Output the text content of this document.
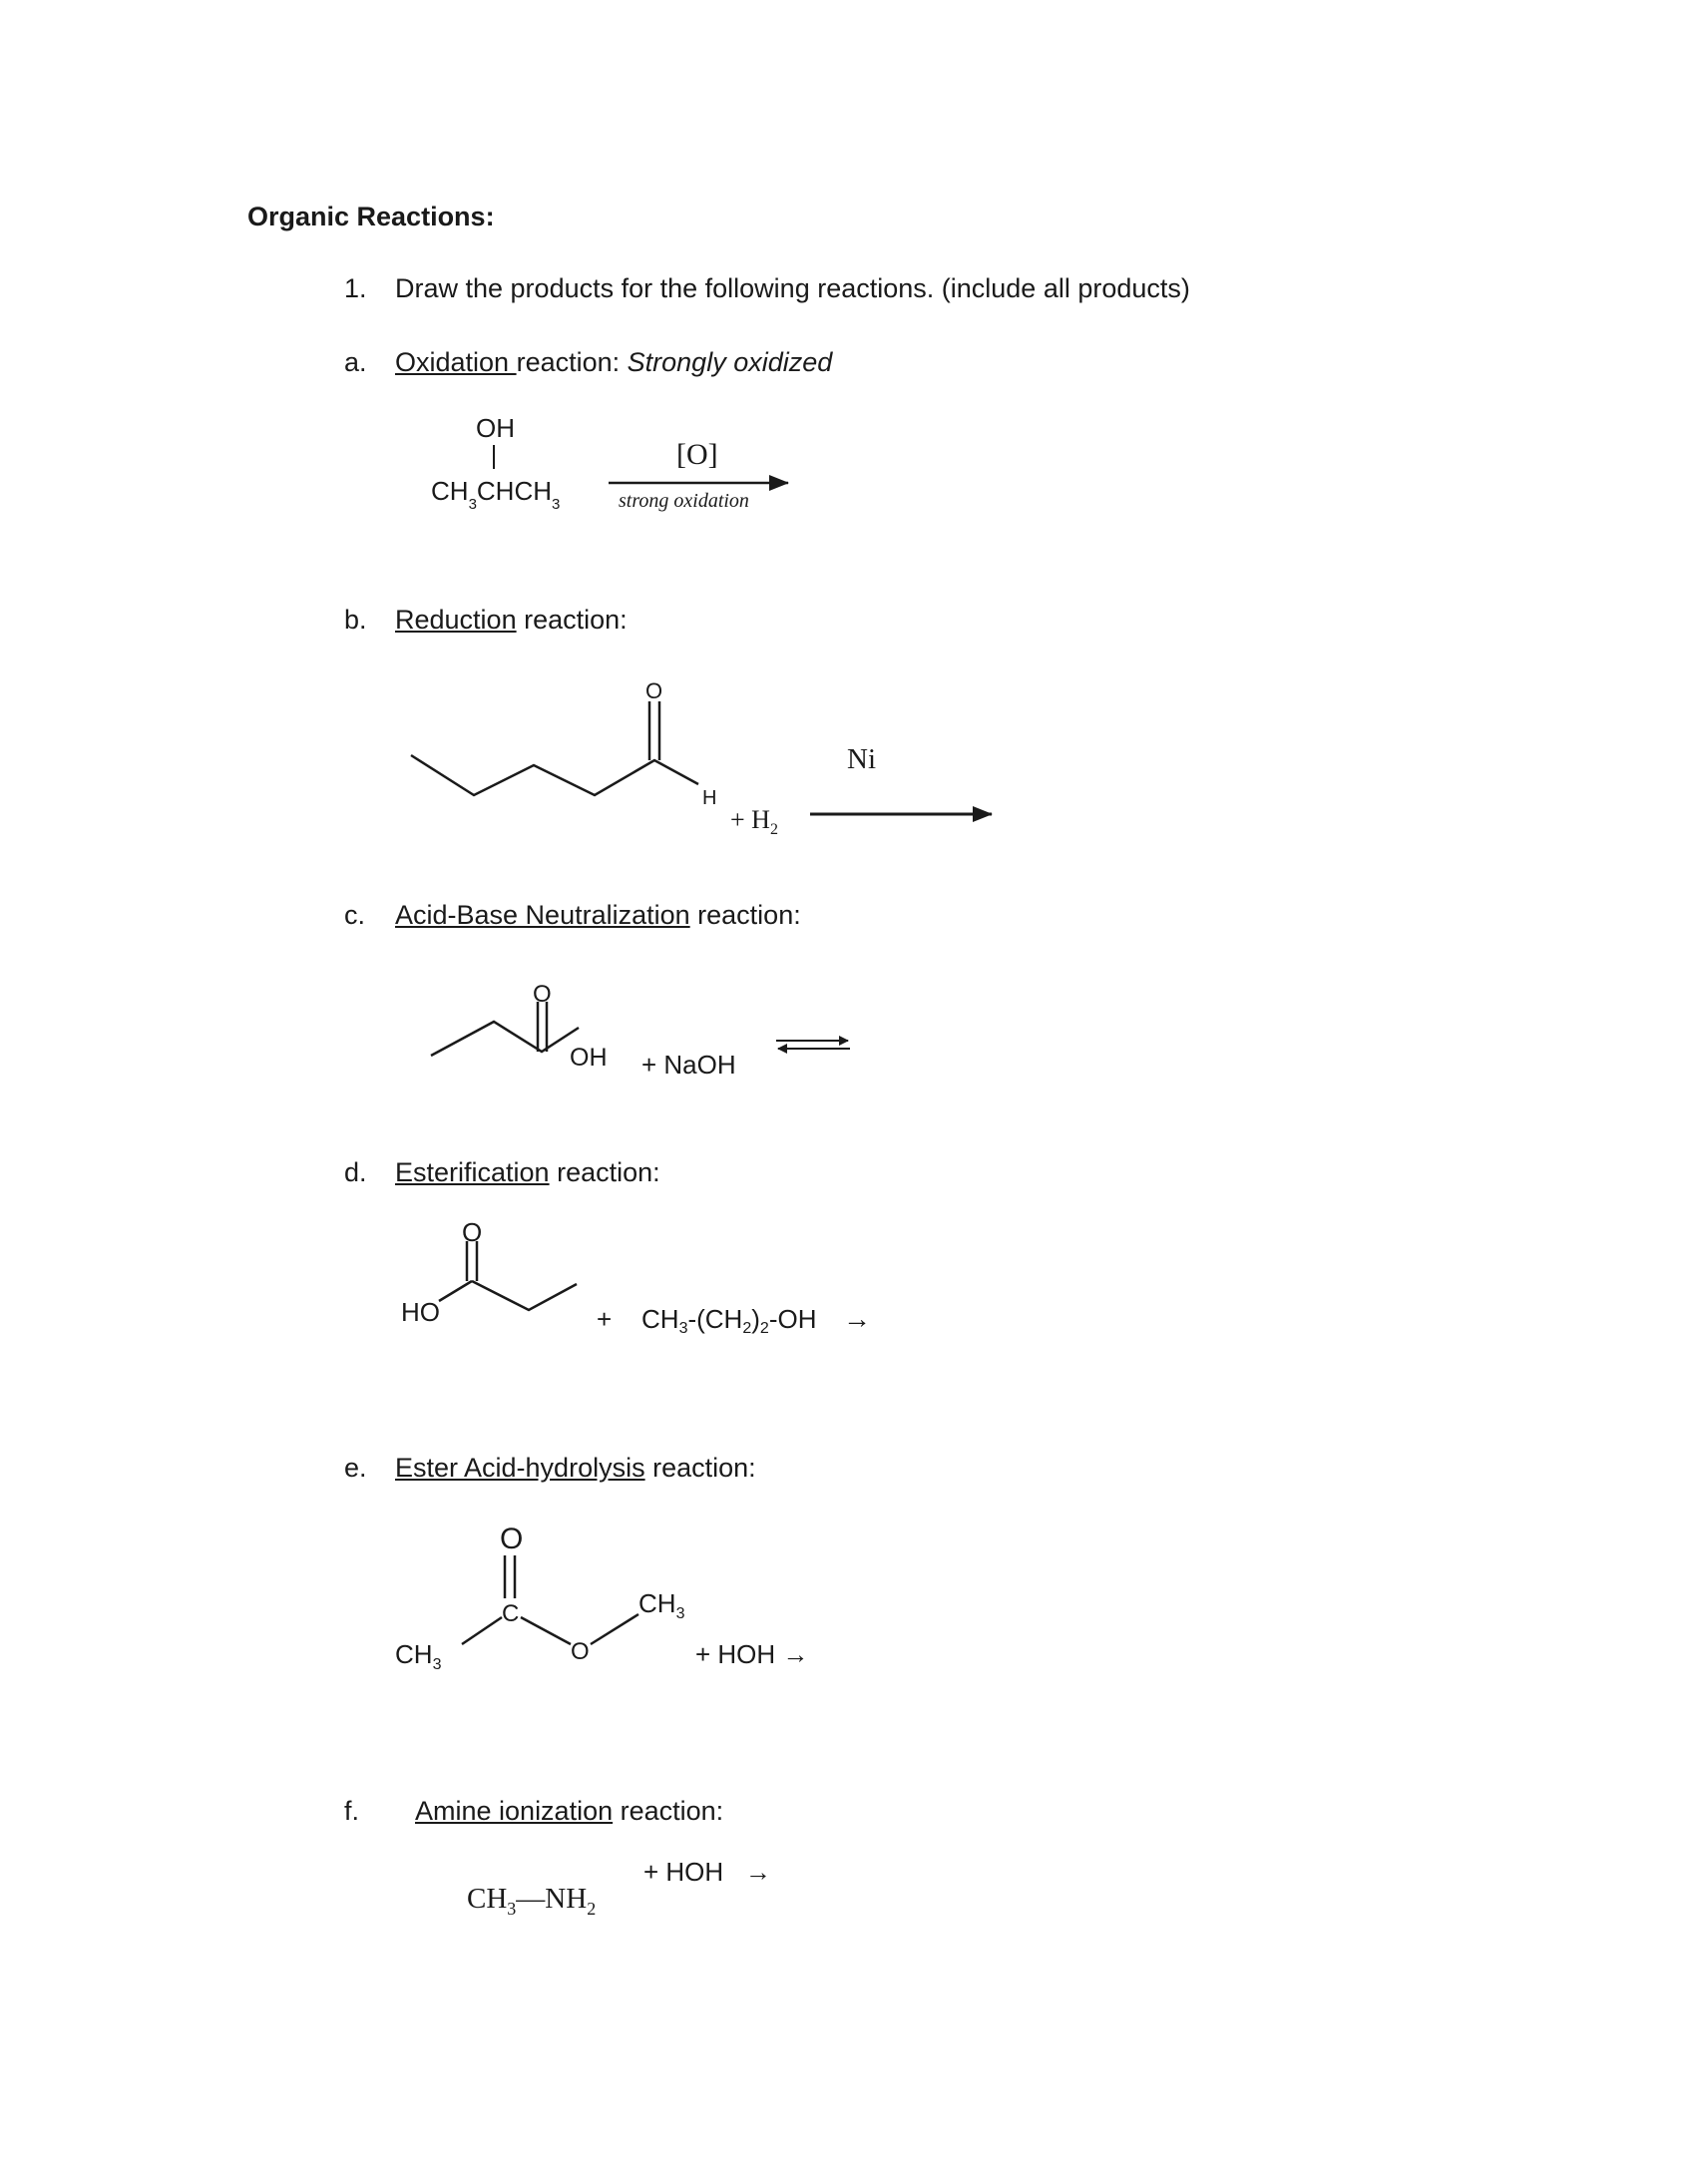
Organic Reactions:
1. Draw the products for the following reactions. (include all products)
a. Oxidation reaction: Strongly oxidized
b. Reduction reaction:
c. Acid-Base Neutralization reaction:
d. Esterification reaction:
e. Ester Acid-hydrolysis reaction:
f. Amine ionization reaction:
OH
$CH_3CHCH_3$
[O]
strong oxidation
O
H
+ $H_2$
Ni
O
OH + NaOH
O
HO	+ CH3-(CH2)2-OH →
O
C
O
$CH_3$
$CH_3$
+ HOH →
$CH_3—NH_2$
+ HOH   →
